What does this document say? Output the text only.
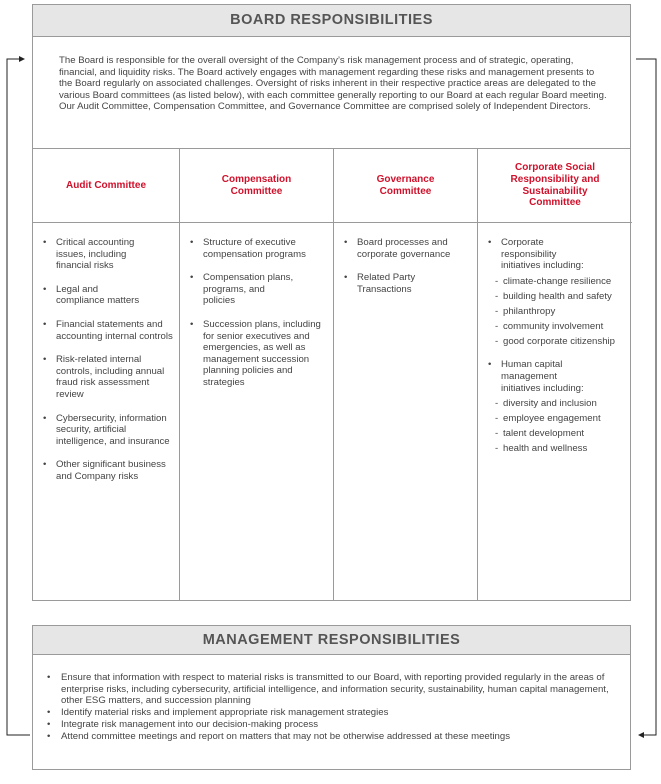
BOARD RESPONSIBILITIES
The Board is responsible for the overall oversight of the Company’s risk management process and of strategic, operating, financial, and liquidity risks. The Board actively engages with management regarding these risks and management presents to the Board regularly on associated challenges. Oversight of risks inherent in their respective practice areas are delegated to the various Board committees (as listed below), with each committee generally reporting to our Board at each regular Board meeting. Our Audit Committee, Compensation Committee, and Governance Committee are comprised solely of Independent Directors.
Audit Committee
• Critical accounting issues, including financial risks
• Legal and compliance matters
• Financial statements and accounting internal controls
• Risk-related internal controls, including annual fraud risk assessment review
• Cybersecurity, information security, artificial intelligence, and insurance
• Other significant business and Company risks
Compensation Committee
• Structure of executive compensation programs
• Compensation plans, programs, and policies
• Succession plans, including for senior executives and emergencies, as well as management succession planning policies and strategies
Governance Committee
• Board processes and corporate governance
• Related Party Transactions
Corporate Social Responsibility and Sustainability Committee
• Corporate responsibility initiatives including:
- climate-change resilience
- building health and safety
- philanthropy
- community involvement
- good corporate citizenship
• Human capital management initiatives including:
- diversity and inclusion
- employee engagement
- talent development
- health and wellness
MANAGEMENT RESPONSIBILITIES
• Ensure that information with respect to material risks is transmitted to our Board, with reporting provided regularly in the areas of enterprise risks, including cybersecurity, artificial intelligence, and information security, sustainability, human capital management, other ESG matters, and succession planning
• Identify material risks and implement appropriate risk management strategies
• Integrate risk management into our decision-making process
• Attend committee meetings and report on matters that may not be otherwise addressed at these meetings
